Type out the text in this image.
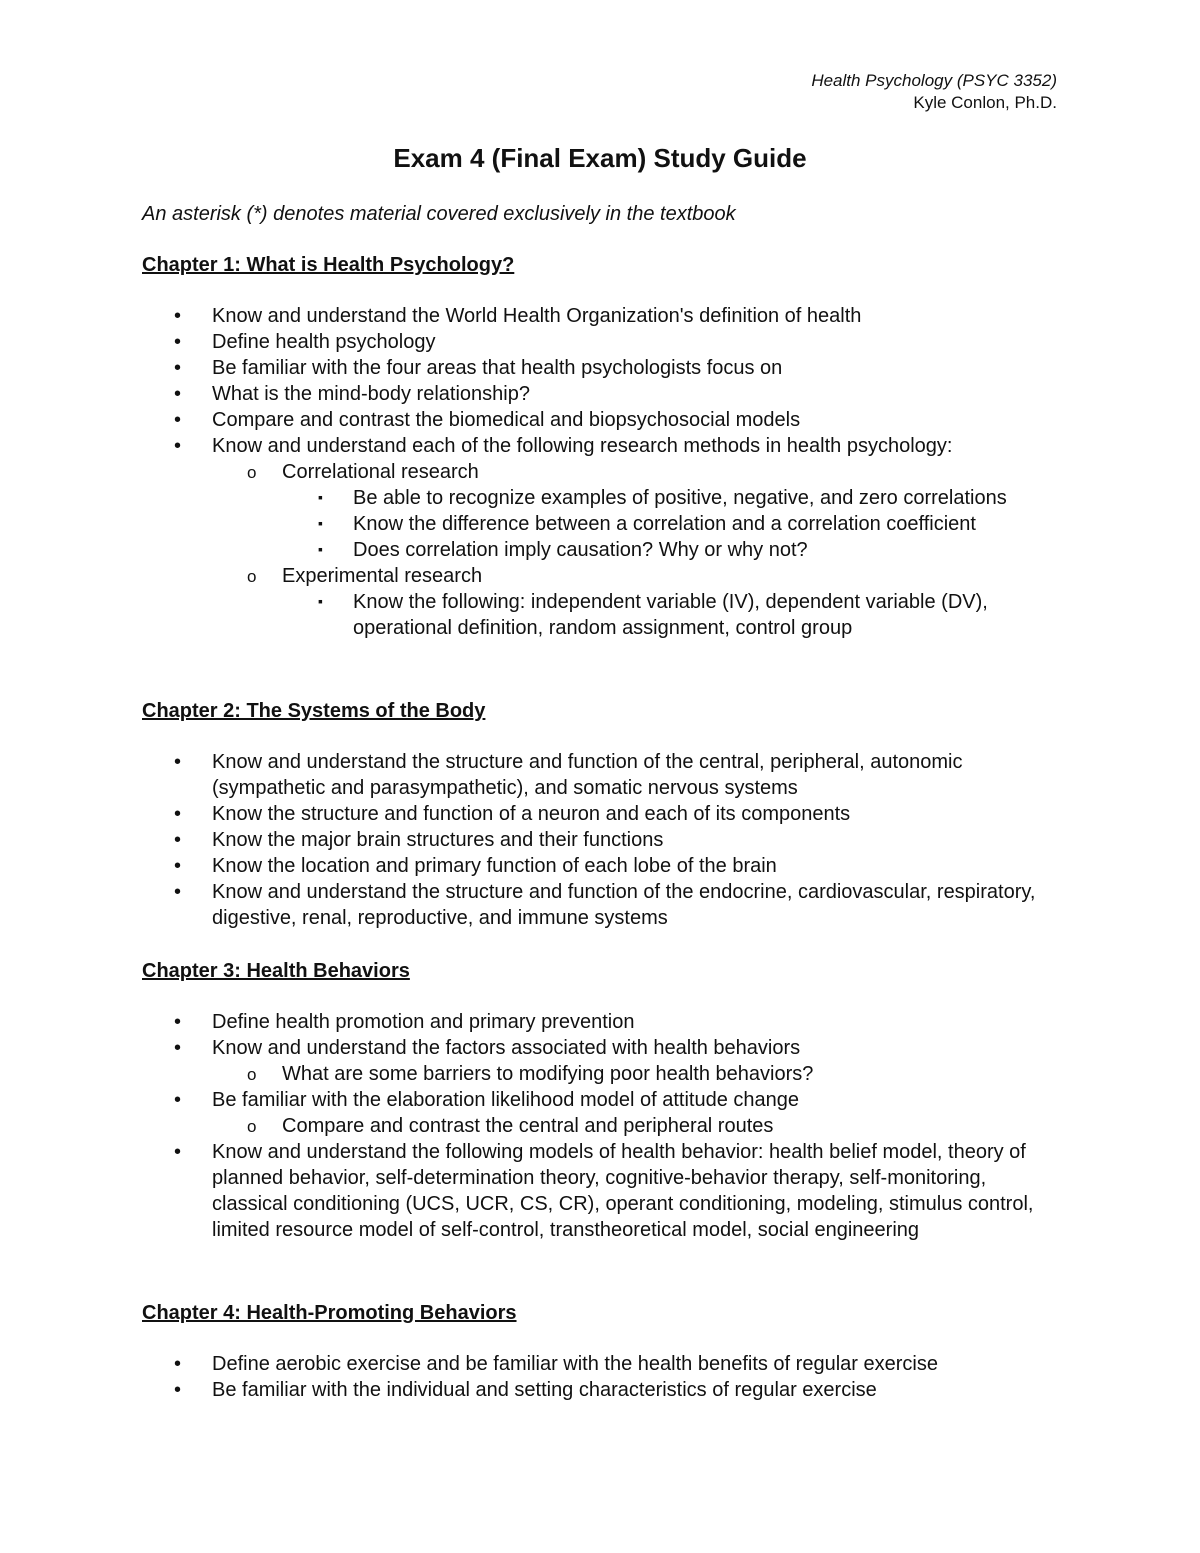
Health Psychology (PSYC 3352)
Kyle Conlon, Ph.D.
Exam 4 (Final Exam) Study Guide
An asterisk (*) denotes material covered exclusively in the textbook
Chapter 1: What is Health Psychology?
• Know and understand the World Health Organization's definition of health
• Define health psychology
• Be familiar with the four areas that health psychologists focus on
• What is the mind-body relationship?
• Compare and contrast the biomedical and biopsychosocial models
• Know and understand each of the following research methods in health psychology:
o Correlational research
▪ Be able to recognize examples of positive, negative, and zero correlations
▪ Know the difference between a correlation and a correlation coefficient
▪ Does correlation imply causation? Why or why not?
o Experimental research
▪ Know the following: independent variable (IV), dependent variable (DV), operational definition, random assignment, control group
Chapter 2: The Systems of the Body
• Know and understand the structure and function of the central, peripheral, autonomic (sympathetic and parasympathetic), and somatic nervous systems
• Know the structure and function of a neuron and each of its components
• Know the major brain structures and their functions
• Know the location and primary function of each lobe of the brain
• Know and understand the structure and function of the endocrine, cardiovascular, respiratory, digestive, renal, reproductive, and immune systems
Chapter 3: Health Behaviors
• Define health promotion and primary prevention
• Know and understand the factors associated with health behaviors
o What are some barriers to modifying poor health behaviors?
• Be familiar with the elaboration likelihood model of attitude change
o Compare and contrast the central and peripheral routes
• Know and understand the following models of health behavior: health belief model, theory of planned behavior, self-determination theory, cognitive-behavior therapy, self-monitoring, classical conditioning (UCS, UCR, CS, CR), operant conditioning, modeling, stimulus control, limited resource model of self-control, transtheoretical model, social engineering
Chapter 4: Health-Promoting Behaviors
• Define aerobic exercise and be familiar with the health benefits of regular exercise
• Be familiar with the individual and setting characteristics of regular exercise
